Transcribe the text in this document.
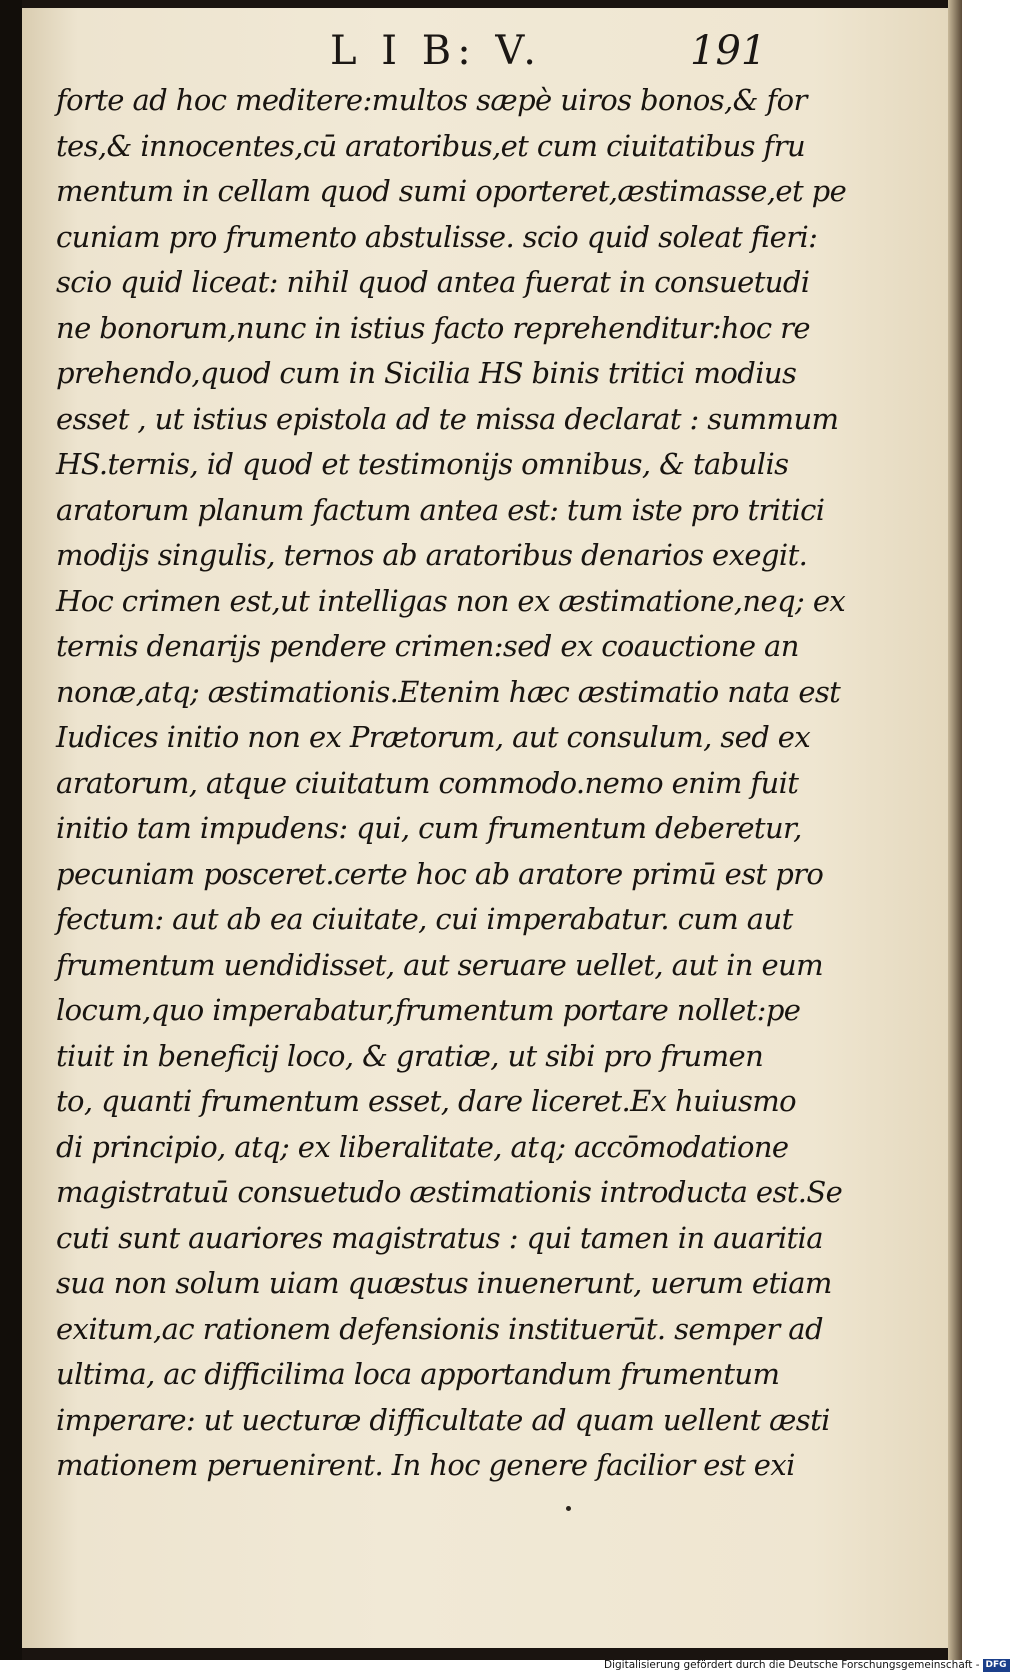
L I B: V.	191
forte ad hoc meditere:multos sæpè uiros bonos,& for
tes,& innocentes,cū aratoribus,et cum ciuitatibus fru
mentum in cellam quod sumi oporteret,æstimasse,et pe
cuniam pro frumento abstulisse. scio quid soleat fieri:
scio quid liceat: nihil quod antea fuerat in consuetudi
ne bonorum,nunc in istius facto reprehenditur:hoc re
prehendo,quod cum in Sicilia HS binis tritici modius
esset , ut istius epistola ad te missa declarat : summum
HS.ternis, id quod et testimonijs omnibus, & tabulis
aratorum planum factum antea est: tum iste pro tritici
modijs singulis, ternos ab aratoribus denarios exegit.
Hoc crimen est,ut intelligas non ex æstimatione,neq; ex
ternis denarijs pendere crimen:sed ex coauctione an
nonæ,atq; æstimationis.Etenim hæc æstimatio nata est
Iudices initio non ex Prætorum, aut consulum, sed ex
aratorum, atque ciuitatum commodo.nemo enim fuit
initio tam impudens: qui, cum frumentum deberetur,
pecuniam posceret.certe hoc ab aratore primū est pro
fectum: aut ab ea ciuitate, cui imperabatur. cum aut
frumentum uendidisset, aut seruare uellet, aut in eum
locum,quo imperabatur,frumentum portare nollet:pe
tiuit in beneficij loco, & gratiæ, ut sibi pro frumen
to, quanti frumentum esset, dare liceret.Ex huiusmo
di principio, atq; ex liberalitate, atq; accōmodatione
magistratuū consuetudo æstimationis introducta est.Se
cuti sunt auariores magistratus : qui tamen in auaritia
sua non solum uiam quæstus inuenerunt, uerum etiam
exitum,ac rationem defensionis instituerūt. semper ad
ultima, ac difficilima loca apportandum frumentum
imperare: ut uecturæ difficultate ad quam uellent æsti
mationem peruenirent. In hoc genere facilior est exi
Digitalisierung gefördert durch die Deutsche Forschungsgemeinschaft - DFG
